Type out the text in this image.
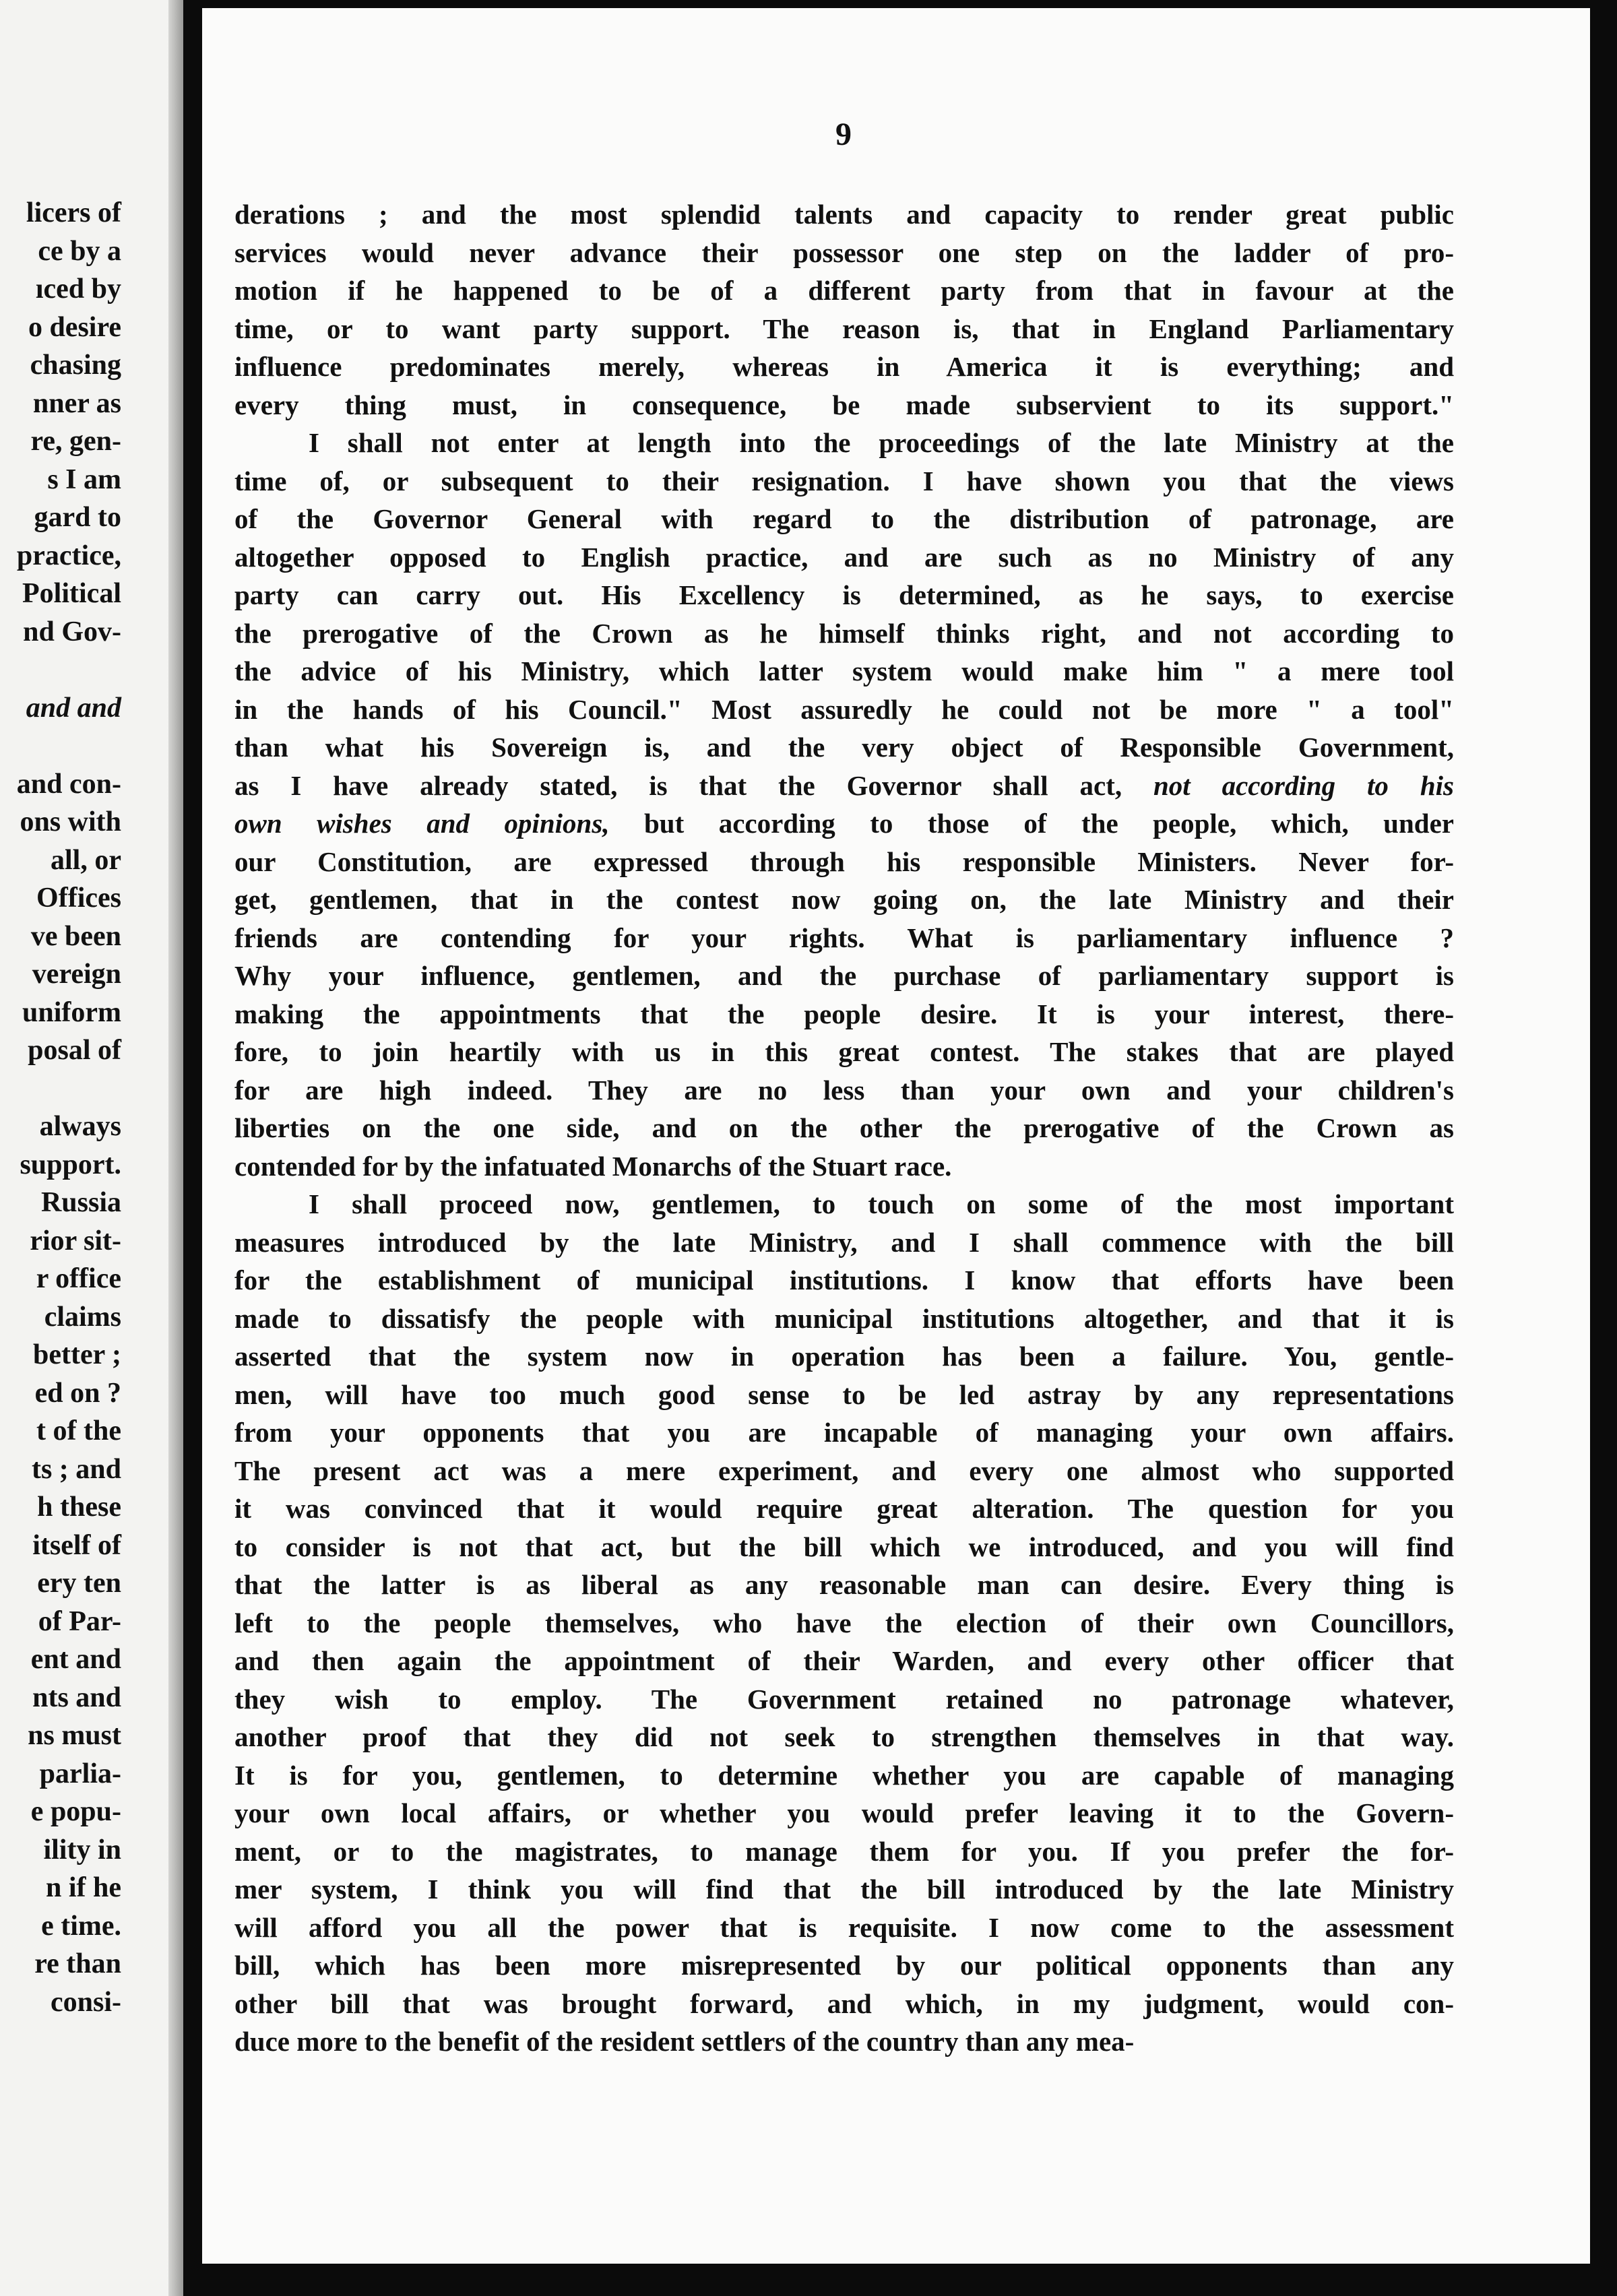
licers of
ce by a
ıced by
o desire
chasing
nner as
re, gen-
s I am
gard to
practice,
Political
nd Gov-
and and
and con-
ons with
all, or
Offices
ve been
vereign
uniform
posal of
always
support.
Russia
rior sit-
r office
claims
better ;
ed on ?
t of the
ts ; and
h these
itself of
ery ten
of Par-
ent and
nts and
ns must
parlia-
e popu-
ility in
n if he
e time.
re than
consi-
9
derations ; and the most splendid talents and capacity to render great public
services would never advance their possessor one step on the ladder of pro-
motion if he happened to be of a different party from that in favour at the
time, or to want party support. The reason is, that in England Parliamentary
influence predominates merely, whereas in America it is everything; and
every thing must, in consequence, be made subservient to its support."
I shall not enter at length into the proceedings of the late Ministry at the
time of, or subsequent to their resignation. I have shown you that the views
of the Governor General with regard to the distribution of patronage, are
altogether opposed to English practice, and are such as no Ministry of any
party can carry out. His Excellency is determined, as he says, to exercise
the prerogative of the Crown as he himself thinks right, and not according to
the advice of his Ministry, which latter system would make him " a mere tool
in the hands of his Council." Most assuredly he could not be more " a tool"
than what his Sovereign is, and the very object of Responsible Government,
as I have already stated, is that the Governor shall act, not according to his
own wishes and opinions, but according to those of the people, which, under
our Constitution, are expressed through his responsible Ministers. Never for-
get, gentlemen, that in the contest now going on, the late Ministry and their
friends are contending for your rights. What is parliamentary influence ?
Why your influence, gentlemen, and the purchase of parliamentary support is
making the appointments that the people desire. It is your interest, there-
fore, to join heartily with us in this great contest. The stakes that are played
for are high indeed. They are no less than your own and your children's
liberties on the one side, and on the other the prerogative of the Crown as
contended for by the infatuated Monarchs of the Stuart race.
I shall proceed now, gentlemen, to touch on some of the most important
measures introduced by the late Ministry, and I shall commence with the bill
for the establishment of municipal institutions. I know that efforts have been
made to dissatisfy the people with municipal institutions altogether, and that it is
asserted that the system now in operation has been a failure. You, gentle-
men, will have too much good sense to be led astray by any representations
from your opponents that you are incapable of managing your own affairs.
The present act was a mere experiment, and every one almost who supported
it was convinced that it would require great alteration. The question for you
to consider is not that act, but the bill which we introduced, and you will find
that the latter is as liberal as any reasonable man can desire. Every thing is
left to the people themselves, who have the election of their own Councillors,
and then again the appointment of their Warden, and every other officer that
they wish to employ. The Government retained no patronage whatever,
another proof that they did not seek to strengthen themselves in that way.
It is for you, gentlemen, to determine whether you are capable of managing
your own local affairs, or whether you would prefer leaving it to the Govern-
ment, or to the magistrates, to manage them for you. If you prefer the for-
mer system, I think you will find that the bill introduced by the late Ministry
will afford you all the power that is requisite. I now come to the assessment
bill, which has been more misrepresented by our political opponents than any
other bill that was brought forward, and which, in my judgment, would con-
duce more to the benefit of the resident settlers of the country than any mea-
